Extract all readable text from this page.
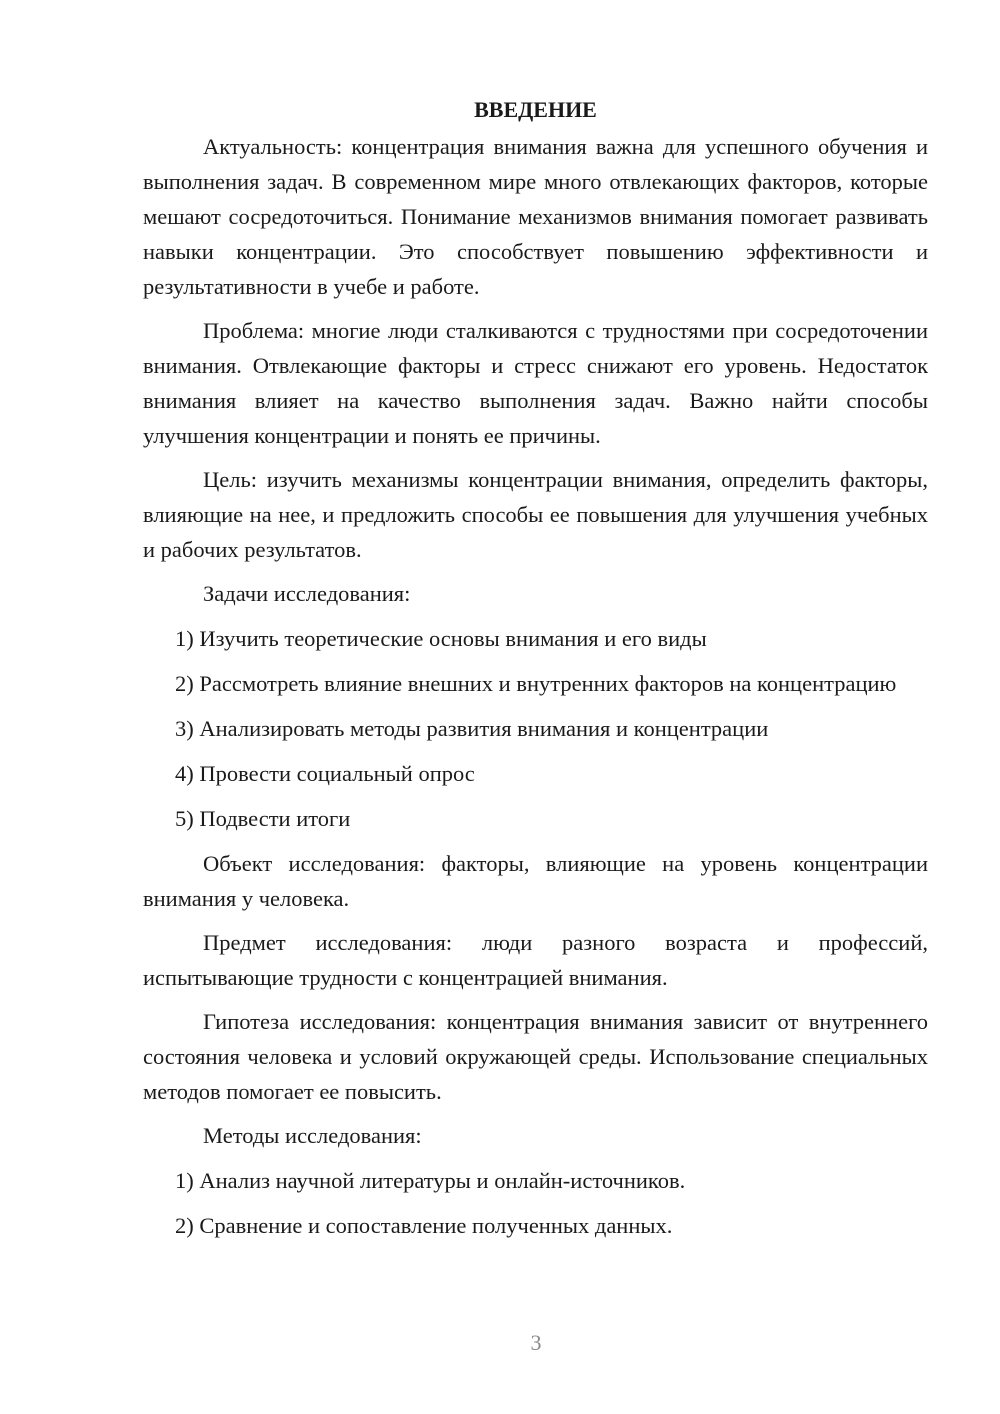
ВВЕДЕНИЕ

Актуальность: концентрация внимания важна для успешного обучения и выполнения задач. В современном мире много отвлекающих факторов, которые мешают сосредоточиться. Понимание механизмов внимания помогает развивать навыки концентрации. Это способствует повышению эффективности и результативности в учебе и работе.

Проблема: многие люди сталкиваются с трудностями при сосредоточении внимания. Отвлекающие факторы и стресс снижают его уровень. Недостаток внимания влияет на качество выполнения задач. Важно найти способы улучшения концентрации и понять ее причины.

Цель: изучить механизмы концентрации внимания, определить факторы, влияющие на нее, и предложить способы ее повышения для улучшения учебных и рабочих результатов.

Задачи исследования:

1) Изучить теоретические основы внимания и его виды

2) Рассмотреть влияние внешних и внутренних факторов на концентрацию

3) Анализировать методы развития внимания и концентрации

4) Провести социальный опрос

5) Подвести итоги

Объект исследования: факторы, влияющие на уровень концентрации внимания у человека.

Предмет исследования: люди разного возраста и профессий, испытывающие трудности с концентрацией внимания.

Гипотеза исследования: концентрация внимания зависит от внутреннего состояния человека и условий окружающей среды. Использование специальных методов помогает ее повысить.

Методы исследования:

1) Анализ научной литературы и онлайн-источников.

2) Сравнение и сопоставление полученных данных.

3
